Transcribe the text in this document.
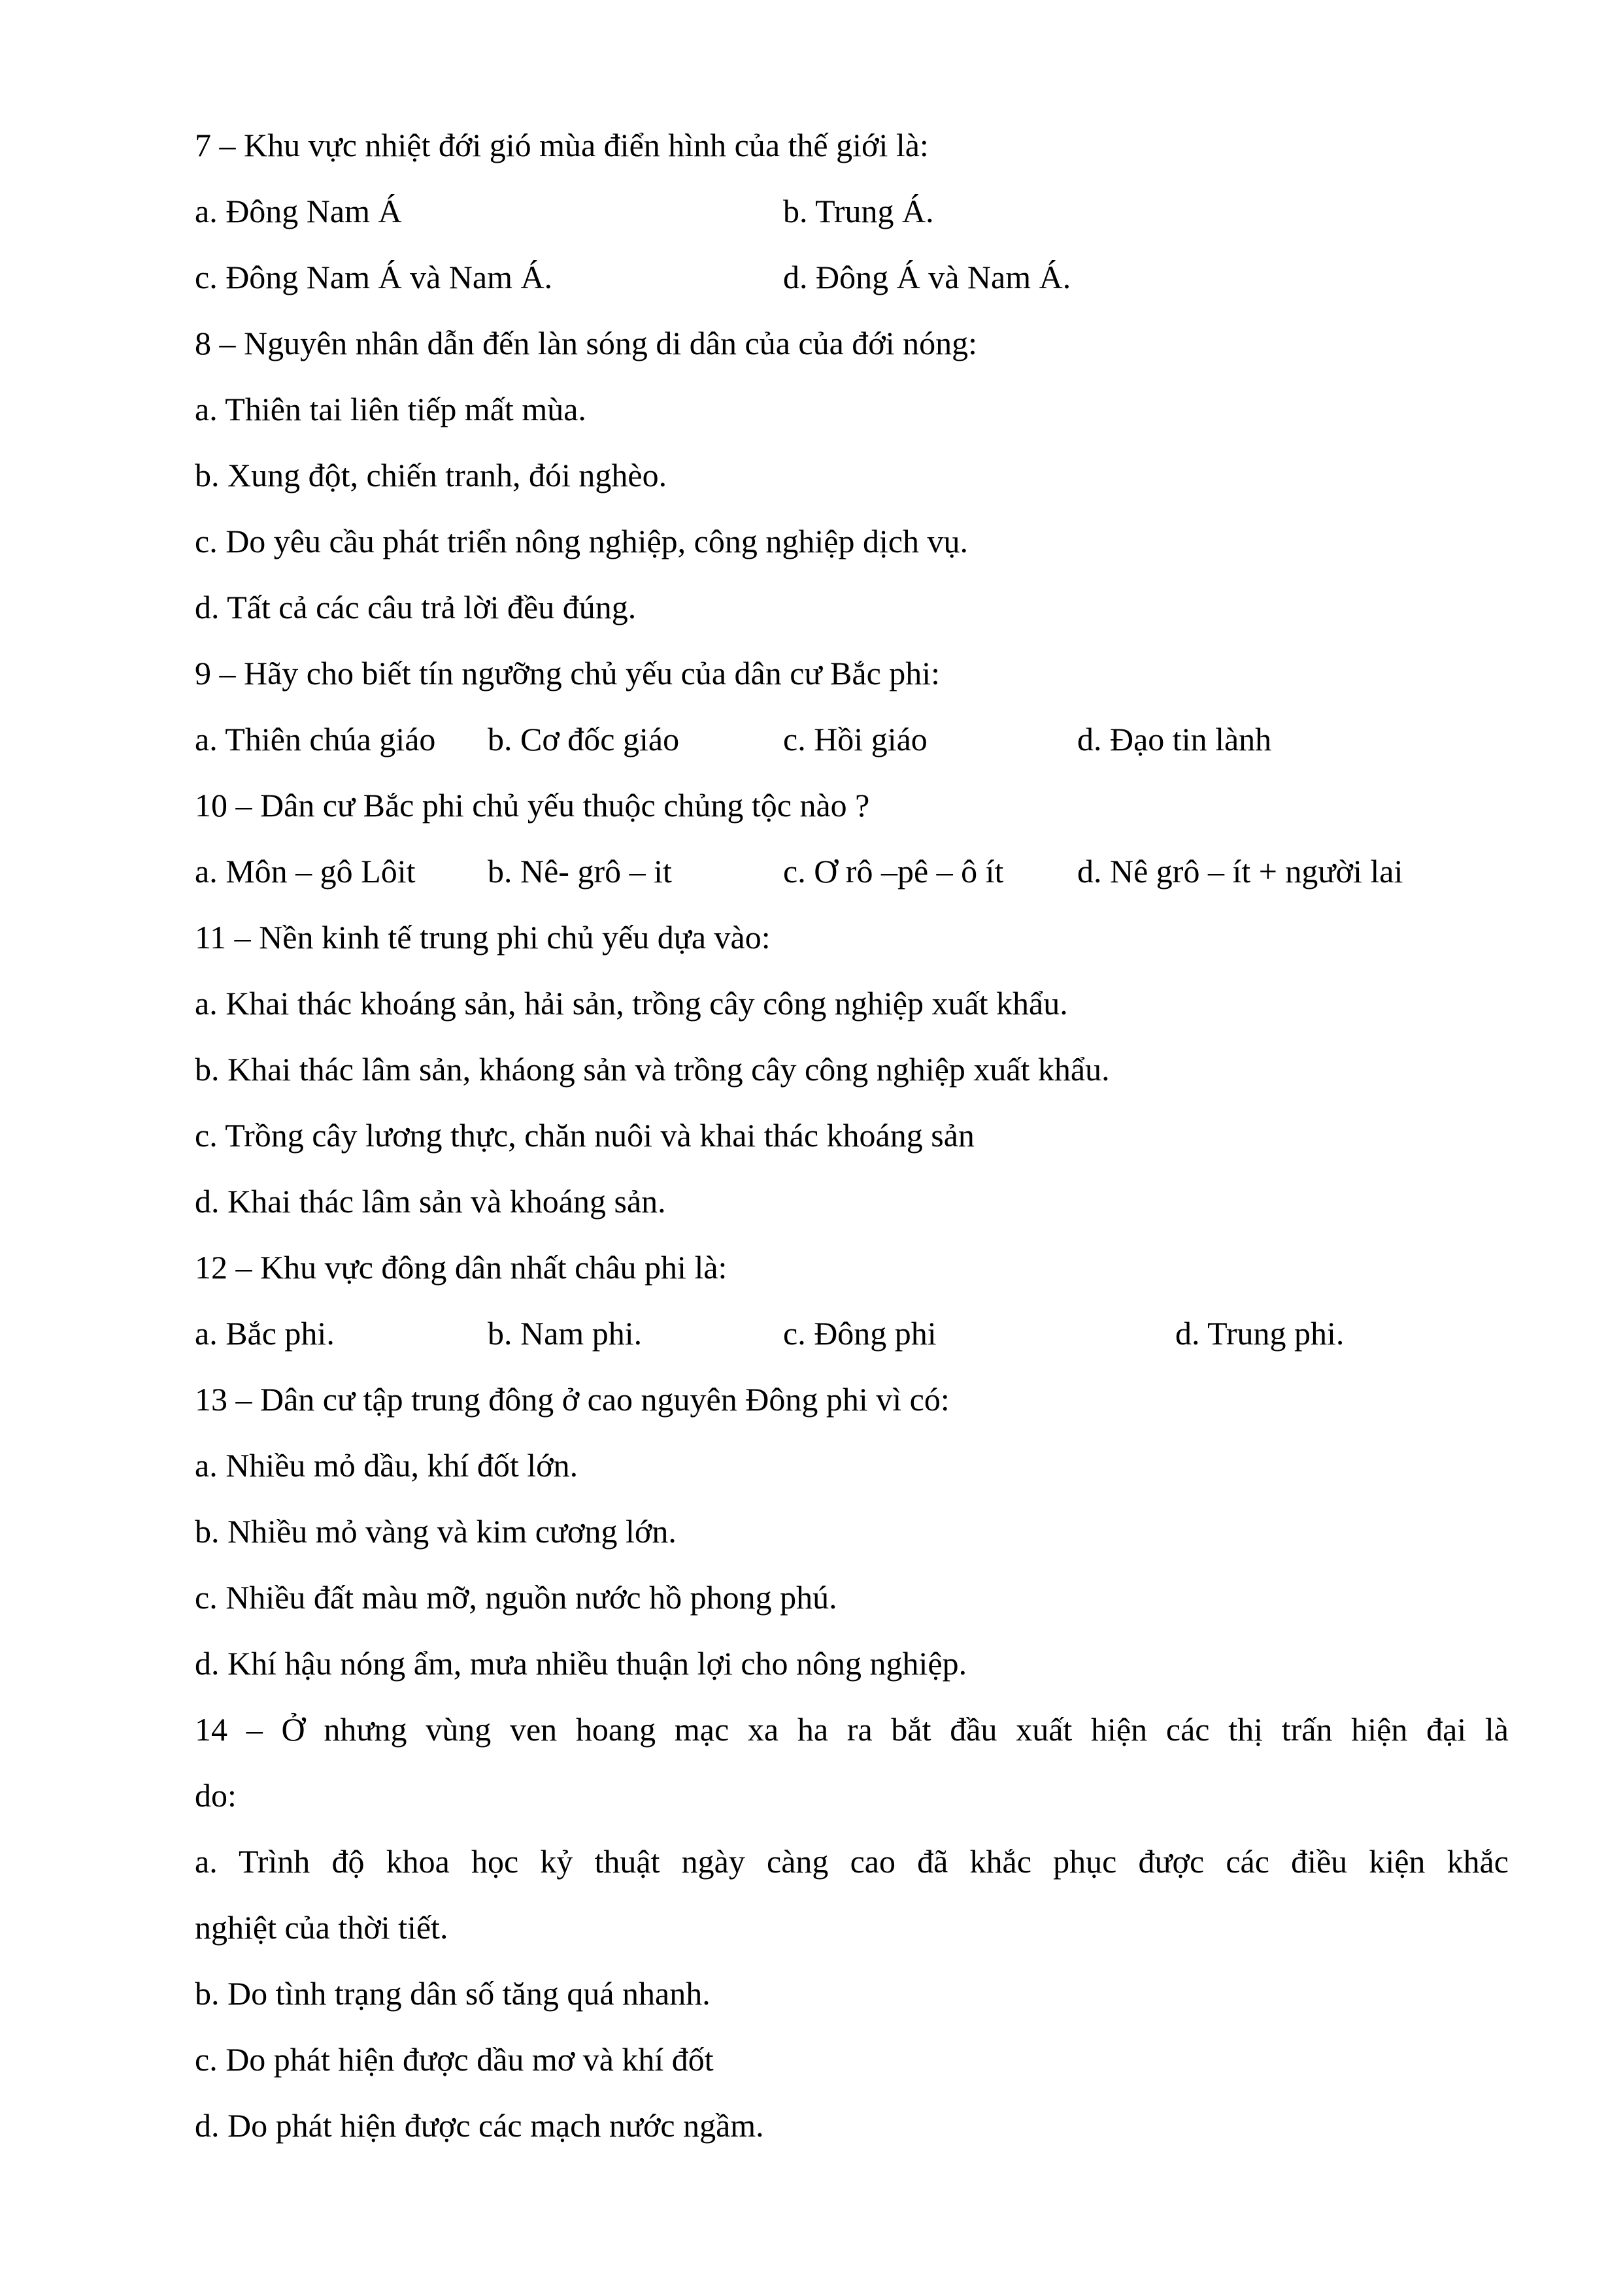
7 – Khu vực nhiệt đới gió mùa điển hình của thế giới là:
a. Đông Nam Á	b. Trung Á.
c. Đông Nam Á và Nam Á.	d. Đông Á và Nam Á.
8 – Nguyên nhân dẫn đến làn sóng di dân của của đới nóng:
a. Thiên tai liên tiếp mất mùa.
b. Xung đột, chiến tranh, đói nghèo.
c. Do yêu cầu phát triển nông nghiệp, công nghiệp dịch vụ.
d. Tất cả các câu trả lời đều đúng.
9 – Hãy cho biết tín ngưỡng chủ yếu của dân cư Bắc phi:
a. Thiên chúa giáo b. Cơ đốc giáo	c. Hồi giáo	d. Đạo tin lành
10 – Dân cư Bắc phi chủ yếu thuộc chủng tộc nào ?
a. Môn – gô Lôit b. Nê- grô – it	c. Ơ rô –pê – ô ít d. Nê grô – ít + người lai
11 – Nền kinh tế trung phi chủ yếu dựa vào:
a. Khai thác khoáng sản, hải sản, trồng cây công nghiệp xuất khẩu.
b. Khai thác lâm sản, kháong sản và trồng cây công nghiệp xuất khẩu.
c. Trồng cây lương thực, chăn nuôi và khai thác khoáng sản
d. Khai thác lâm sản và khoáng sản.
12 – Khu vực đông dân nhất châu phi là:
a. Bắc phi.	b. Nam phi.	c. Đông phi	d. Trung phi.
13 – Dân cư tập trung đông ở cao nguyên Đông phi vì có:
a. Nhiều mỏ dầu, khí đốt lớn.
b. Nhiều mỏ vàng và kim cương lớn.
c. Nhiều đất màu mỡ, nguồn nước hồ phong phú.
d. Khí hậu nóng ẩm, mưa nhiều thuận lợi cho nông nghiệp.
14 – Ở nhưng vùng ven hoang mạc xa ha ra bắt đầu xuất hiện các thị trấn hiện đại là
do:
a. Trình độ khoa học kỷ thuật ngày càng cao đã khắc phục được các điều kiện khắc
nghiệt của thời tiết.
b. Do tình trạng dân số tăng quá nhanh.
c. Do phát hiện được dầu mơ và khí đốt
d. Do phát hiện được các mạch nước ngầm.
